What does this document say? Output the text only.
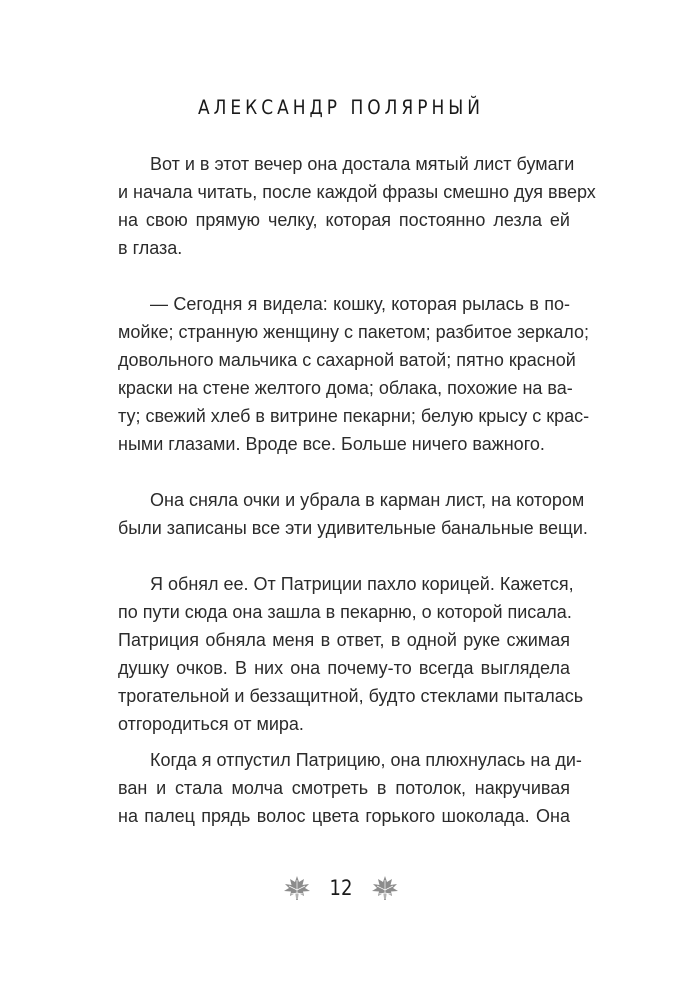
АЛЕКСАНДР ПОЛЯРНЫЙ
Вот и в этот вечер она достала мятый лист бумаги
и начала читать, после каждой фразы смешно дуя вверх
на свою прямую челку, которая постоянно лезла ей
в глаза.
— Сегодня я видела: кошку, которая рылась в по-
мойке; странную женщину с пакетом; разбитое зеркало;
довольного мальчика с сахарной ватой; пятно красной
краски на стене желтого дома; облака, похожие на ва-
ту; свежий хлеб в витрине пекарни; белую крысу с крас-
ными глазами. Вроде все. Больше ничего важного.
Она сняла очки и убрала в карман лист, на котором
были записаны все эти удивительные банальные вещи.
Я обнял ее. От Патриции пахло корицей. Кажется,
по пути сюда она зашла в пекарню, о которой писала.
Патриция обняла меня в ответ, в одной руке сжимая
душку очков. В них она почему-то всегда выглядела
трогательной и беззащитной, будто стеклами пыталась
отгородиться от мира.
Когда я отпустил Патрицию, она плюхнулась на ди-
ван и стала молча смотреть в потолок, накручивая
на палец прядь волос цвета горького шоколада. Она
12
